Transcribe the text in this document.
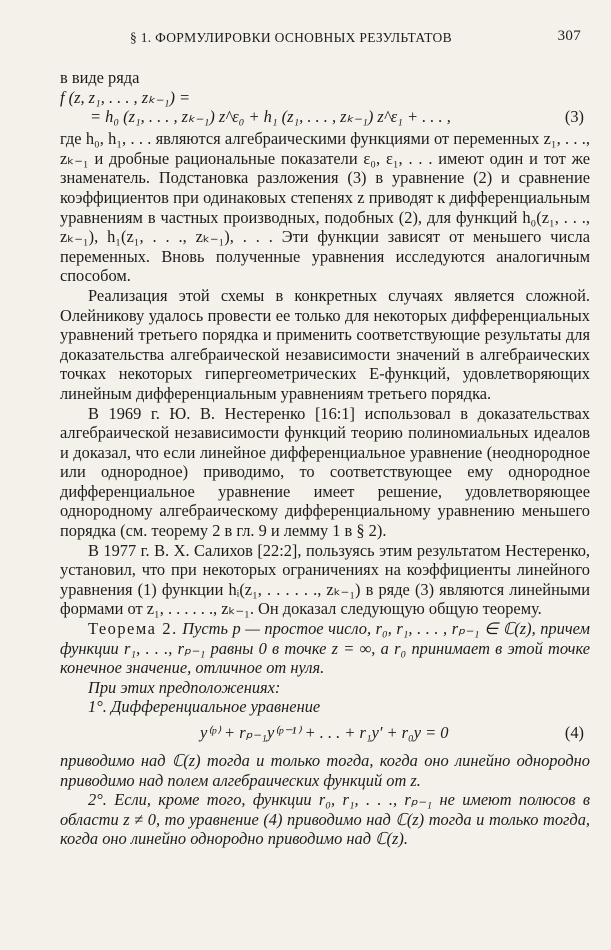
§ 1. ФОРМУЛИРОВКИ ОСНОВНЫХ РЕЗУЛЬТАТОВ	307

в виде ряда

f (z, z₁, . . . , zₖ₋₁) =

= h₀ (z₁, . . . , zₖ₋₁) z^ε₀ + h₁ (z₁, . . . , zₖ₋₁) z^ε₁ + . . . ,	(3)

где h₀, h₁, . . . являются алгебраическими функциями от переменных z₁, . . ., zₖ₋₁ и дробные рациональные показатели ε₀, ε₁, . . . имеют один и тот же знаменатель. Подстановка разложения (3) в уравнение (2) и сравнение коэффициентов при одинаковых степенях z приводят к дифференциальным уравнениям в частных производных, подобных (2), для функций h₀(z₁, . . ., zₖ₋₁), h₁(z₁, . . ., zₖ₋₁), . . . Эти функции зависят от меньшего числа переменных. Вновь полученные уравнения исследуются аналогичным способом.

Реализация этой схемы в конкретных случаях является сложной. Олейникову удалось провести ее только для некоторых дифференциальных уравнений третьего порядка и применить соответствующие результаты для доказательства алгебраической независимости значений в алгебраических точках некоторых гипергеометрических E-функций, удовлетворяющих линейным дифференциальным уравнениям третьего порядка.

В 1969 г. Ю. В. Нестеренко [16:1] использовал в доказательствах алгебраической независимости функций теорию полиномиальных идеалов и доказал, что если линейное дифференциальное уравнение (неоднородное или однородное) приводимо, то соответствующее ему однородное дифференциальное уравнение имеет решение, удовлетворяющее однородному алгебраическому дифференциальному уравнению меньшего порядка (см. теорему 2 в гл. 9 и лемму 1 в § 2).

В 1977 г. В. Х. Салихов [22:2], пользуясь этим результатом Нестеренко, установил, что при некоторых ограничениях на коэффициенты линейного уравнения (1) функции hᵢ(z₁, . . . . . ., zₖ₋₁) в ряде (3) являются линейными формами от z₁, . . . . . ., zₖ₋₁. Он доказал следующую общую теорему.

Теорема 2. Пусть p — простое число, r₀, r₁, . . . , rₚ₋₁ ∈ ℂ(z), причем функции r₁, . . ., rₚ₋₁ равны 0 в точке z = ∞, а r₀ принимает в этой точке конечное значение, отличное от нуля.

При этих предположениях:

1°. Дифференциальное уравнение

y⁽ᵖ⁾ + rₚ₋₁y⁽ᵖ⁻¹⁾ + . . . + r₁y′ + r₀y = 0	(4)

приводимо над ℂ(z) тогда и только тогда, когда оно линейно однородно приводимо над полем алгебраических функций от z.

2°. Если, кроме того, функции r₀, r₁, . . ., rₚ₋₁ не имеют полюсов в области z ≠ 0, то уравнение (4) приводимо над ℂ(z) тогда и только тогда, когда оно линейно однородно приводимо над ℂ(z).
